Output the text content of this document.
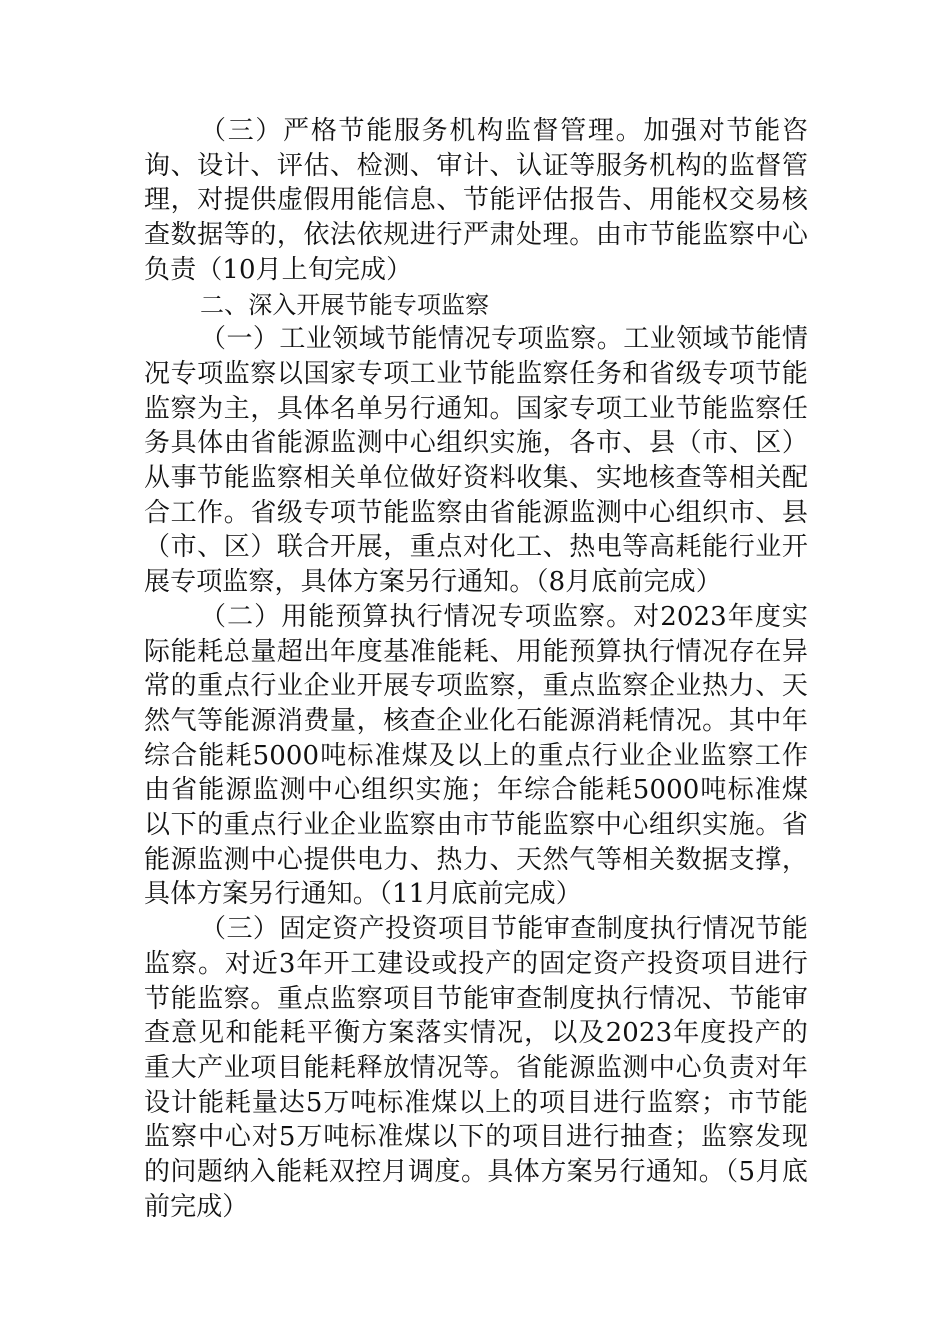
（三）严格节能服务机构监督管理。加强对节能咨询、设计、评估、检测、审计、认证等服务机构的监督管理，对提供虚假用能信息、节能评估报告、用能权交易核查数据等的，依法依规进行严肃处理。由市节能监察中心负责（10月上旬完成）

二、深入开展节能专项监察

（一）工业领域节能情况专项监察。工业领域节能情况专项监察以国家专项工业节能监察任务和省级专项节能监察为主，具体名单另行通知。国家专项工业节能监察任务具体由省能源监测中心组织实施，各市、县（市、区）从事节能监察相关单位做好资料收集、实地核查等相关配合工作。省级专项节能监察由省能源监测中心组织市、县（市、区）联合开展，重点对化工、热电等高耗能行业开展专项监察，具体方案另行通知。（8月底前完成）

（二）用能预算执行情况专项监察。对2023年度实际能耗总量超出年度基准能耗、用能预算执行情况存在异常的重点行业企业开展专项监察，重点监察企业热力、天然气等能源消费量，核查企业化石能源消耗情况。其中年综合能耗5000吨标准煤及以上的重点行业企业监察工作由省能源监测中心组织实施；年综合能耗5000吨标准煤以下的重点行业企业监察由市节能监察中心组织实施。省能源监测中心提供电力、热力、天然气等相关数据支撑，具体方案另行通知。（11月底前完成）

（三）固定资产投资项目节能审查制度执行情况节能监察。对近3年开工建设或投产的固定资产投资项目进行节能监察。重点监察项目节能审查制度执行情况、节能审查意见和能耗平衡方案落实情况，以及2023年度投产的重大产业项目能耗释放情况等。省能源监测中心负责对年设计能耗量达5万吨标准煤以上的项目进行监察；市节能监察中心对5万吨标准煤以下的项目进行抽查；监察发现的问题纳入能耗双控月调度。具体方案另行通知。（5月底前完成）
